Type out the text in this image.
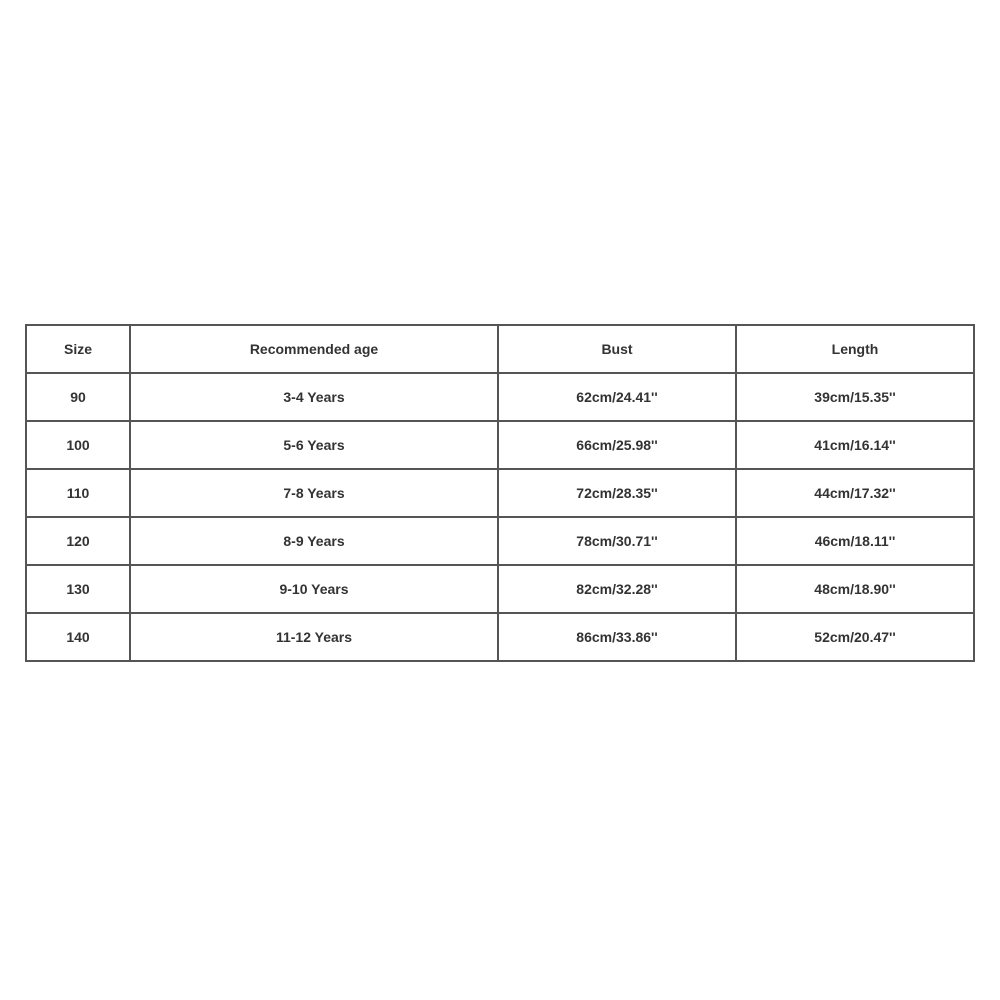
Size	Recommended age	Bust	Length
90	3-4 Years	62cm/24.41''	39cm/15.35''
100	5-6 Years	66cm/25.98''	41cm/16.14''
110	7-8 Years	72cm/28.35''	44cm/17.32''
120	8-9 Years	78cm/30.71''	46cm/18.11''
130	9-10 Years	82cm/32.28''	48cm/18.90''
140	11-12 Years	86cm/33.86''	52cm/20.47''
